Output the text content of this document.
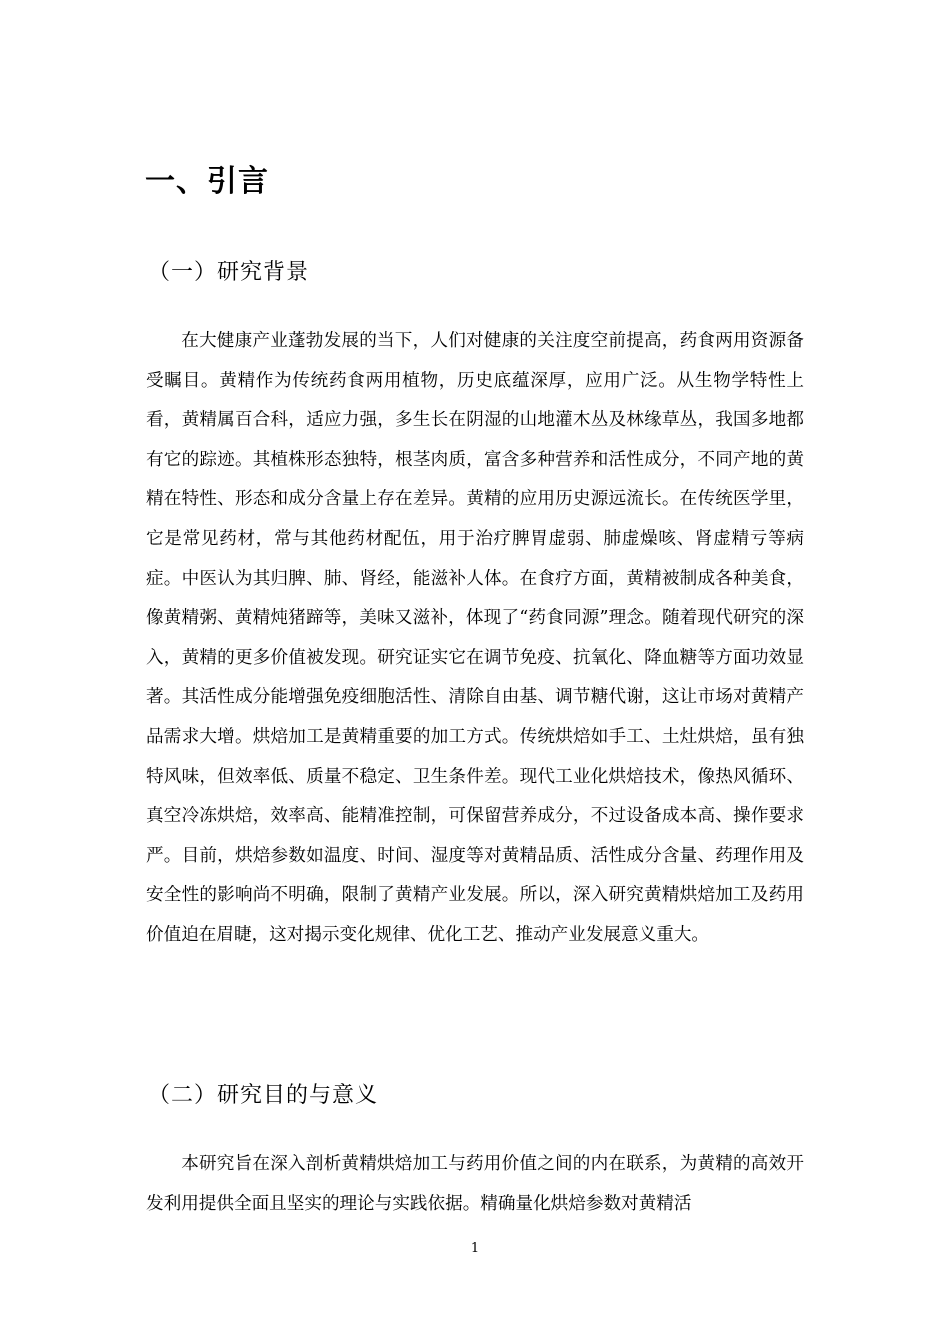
一、引言
（一）研究背景

在大健康产业蓬勃发展的当下，人们对健康的关注度空前提高，药食两用资源备受瞩目。黄精作为传统药食两用植物，历史底蕴深厚，应用广泛。从生物学特性上看，黄精属百合科，适应力强，多生长在阴湿的山地灌木丛及林缘草丛，我国多地都有它的踪迹。其植株形态独特，根茎肉质，富含多种营养和活性成分，不同产地的黄精在特性、形态和成分含量上存在差异。黄精的应用历史源远流长。在传统医学里，它是常见药材，常与其他药材配伍，用于治疗脾胃虚弱、肺虚燥咳、肾虚精亏等病症。中医认为其归脾、肺、肾经，能滋补人体。在食疗方面，黄精被制成各种美食，像黄精粥、黄精炖猪蹄等，美味又滋补，体现了“药食同源”理念。随着现代研究的深入，黄精的更多价值被发现。研究证实它在调节免疫、抗氧化、降血糖等方面功效显著。其活性成分能增强免疫细胞活性、清除自由基、调节糖代谢，这让市场对黄精产品需求大增。烘焙加工是黄精重要的加工方式。传统烘焙如手工、土灶烘焙，虽有独特风味，但效率低、质量不稳定、卫生条件差。现代工业化烘焙技术，像热风循环、真空冷冻烘焙，效率高、能精准控制，可保留营养成分，不过设备成本高、操作要求严。目前，烘焙参数如温度、时间、湿度等对黄精品质、活性成分含量、药理作用及安全性的影响尚不明确，限制了黄精产业发展。所以，深入研究黄精烘焙加工及药用价值迫在眉睫，这对揭示变化规律、优化工艺、推动产业发展意义重大。

（二）研究目的与意义

本研究旨在深入剖析黄精烘焙加工与药用价值之间的内在联系，为黄精的高效开发利用提供全面且坚实的理论与实践依据。精确量化烘焙参数对黄精活

1
